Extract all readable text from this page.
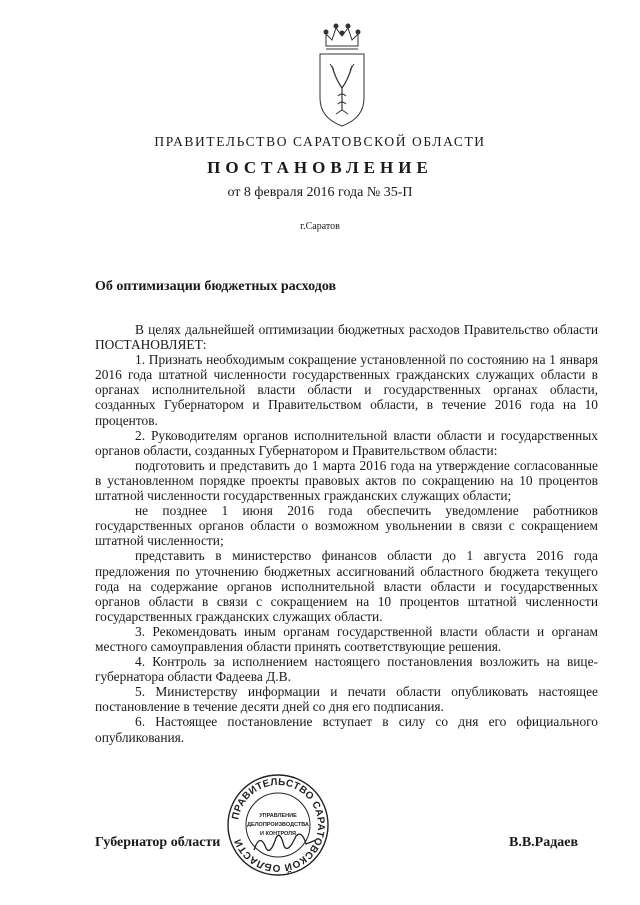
ПРАВИТЕЛЬСТВО САРАТОВСКОЙ ОБЛАСТИ
ПОСТАНОВЛЕНИЕ
от 8 февраля 2016 года № 35-П
г.Саратов
Об оптимизации бюджетных расходов

В целях дальнейшей оптимизации бюджетных расходов Правительство области ПОСТАНОВЛЯЕТ:

1. Признать необходимым сокращение установленной по состоянию на 1 января 2016 года штатной численности государственных гражданских служащих области в органах исполнительной власти области и государственных органах области, созданных Губернатором и Правительством области, в течение 2016 года на 10 процентов.

2. Руководителям органов исполнительной власти области и государственных органов области, созданных Губернатором и Правительством области:

подготовить и представить до 1 марта 2016 года на утверждение согласованные в установленном порядке проекты правовых актов по сокращению на 10 процентов штатной численности государственных гражданских служащих области;

не позднее 1 июня 2016 года обеспечить уведомление работников государственных органов области о возможном увольнении в связи с сокращением штатной численности;

представить в министерство финансов области до 1 августа 2016 года предложения по уточнению бюджетных ассигнований областного бюджета текущего года на содержание органов исполнительной власти области и государственных органов области в связи с сокращением на 10 процентов штатной численности государственных гражданских служащих области.

3. Рекомендовать иным органам государственной власти области и органам местного самоуправления области принять соответствующие решения.

4. Контроль за исполнением настоящего постановления возложить на вице-губернатора области Фадеева Д.В.

5. Министерству информации и печати области опубликовать настоящее постановление в течение десяти дней со дня его подписания.

6. Настоящее постановление вступает в силу со дня его официального опубликования.

ПРАВИТЕЛЬСТВО САРАТОВСКОЙ ОБЛАСТИ
УПРАВЛЕНИЕ
ДЕЛОПРОИЗВОДСТВА
И КОНТРОЛЯ
Губернатор области	В.В.Радаев
